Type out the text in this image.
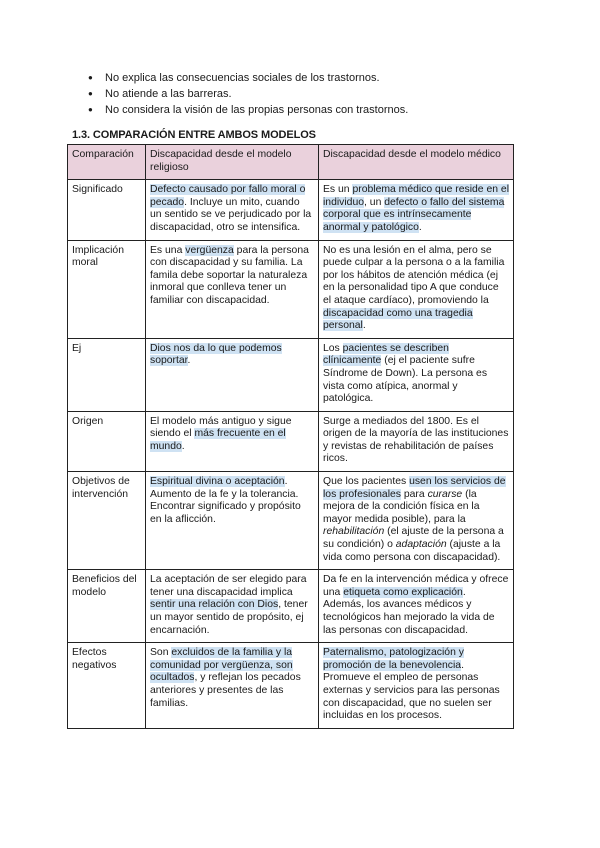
● No explica las consecuencias sociales de los trastornos.
● No atiende a las barreras.
● No considera la visión de las propias personas con trastornos.
1.3. COMPARACIÓN ENTRE AMBOS MODELOS
Comparación	Discapacidad desde el modelo religioso	Discapacidad desde el modelo médico
Significado	Defecto causado por fallo moral o pecado. Incluye un mito, cuando un sentido se ve perjudicado por la discapacidad, otro se intensifica.	Es un problema médico que reside en el individuo, un defecto o fallo del sistema corporal que es intrínsecamente anormal y patológico.
Implicación moral	Es una vergüenza para la persona con discapacidad y su familia. La famila debe soportar la naturaleza inmoral que conlleva tener un familiar con discapacidad.	No es una lesión en el alma, pero se puede culpar a la persona o a la familia por los hábitos de atención médica (ej en la personalidad tipo A que conduce el ataque cardíaco), promoviendo la discapacidad como una tragedia personal.
Ej	Dios nos da lo que podemos soportar.	Los pacientes se describen clínicamente (ej el paciente sufre Síndrome de Down). La persona es vista como atípica, anormal y patológica.
Origen	El modelo más antiguo y sigue siendo el más frecuente en el mundo.	Surge a mediados del 1800. Es el origen de la mayoría de las instituciones y revistas de rehabilitación de países ricos.
Objetivos de intervención	Espiritual divina o aceptación. Aumento de la fe y la tolerancia. Encontrar significado y propósito en la aflicción.	Que los pacientes usen los servicios de los profesionales para curarse (la mejora de la condición física en la mayor medida posible), para la rehabilitación (el ajuste de la persona a su condición) o adaptación (ajuste a la vida como persona con discapacidad).
Beneficios del modelo	La aceptación de ser elegido para tener una discapacidad implica sentir una relación con Dios, tener un mayor sentido de propósito, ej encarnación.	Da fe en la intervención médica y ofrece una etiqueta como explicación. Además, los avances médicos y tecnológicos han mejorado la vida de las personas con discapacidad.
Efectos negativos	Son excluidos de la familia y la comunidad por vergüenza, son ocultados, y reflejan los pecados anteriores y presentes de las familias.	Paternalismo, patologización y promoción de la benevolencia. Promueve el empleo de personas externas y servicios para las personas con discapacidad, que no suelen ser incluidas en los procesos.
